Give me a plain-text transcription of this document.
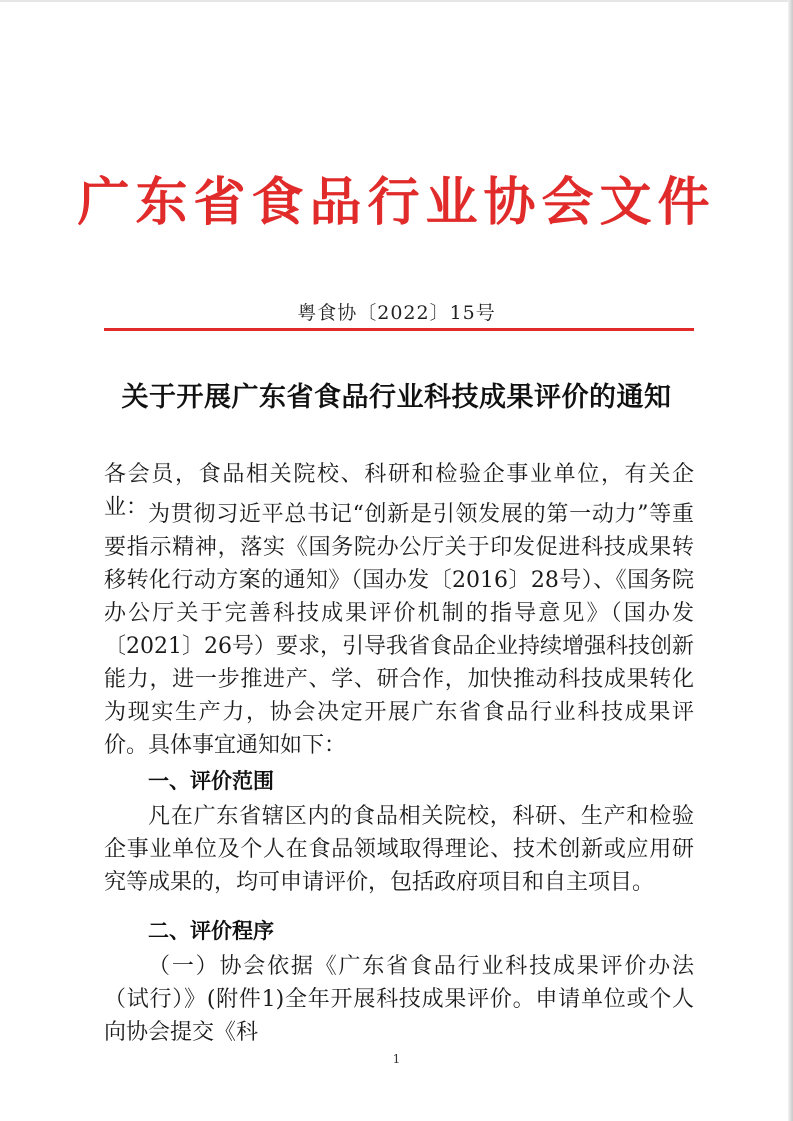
广东省食品行业协会文件
粤食协〔2022〕15号
关于开展广东省食品行业科技成果评价的通知
各会员，食品相关院校、科研和检验企事业单位，有关企业： 为贯彻习近平总书记“创新是引领发展的第一动力”等重要指示精神，落实《国务院办公厅关于印发促进科技成果转移转化行动方案的通知》（国办发〔2016〕28号）、《国务院办公厅关于完善科技成果评价机制的指导意见》（国办发〔2021〕26号）要求，引导我省食品企业持续增强科技创新能力，进一步推进产、学、研合作，加快推动科技成果转化为现实生产力，协会决定开展广东省食品行业科技成果评价。具体事宜通知如下：
一、评价范围
凡在广东省辖区内的食品相关院校，科研、生产和检验企事业单位及个人在食品领域取得理论、技术创新或应用研究等成果的，均可申请评价，包括政府项目和自主项目。
二、评价程序
（一）协会依据《广东省食品行业科技成果评价办法（试行）》(附件1)全年开展科技成果评价。申请单位或个人向协会提交《科
1
